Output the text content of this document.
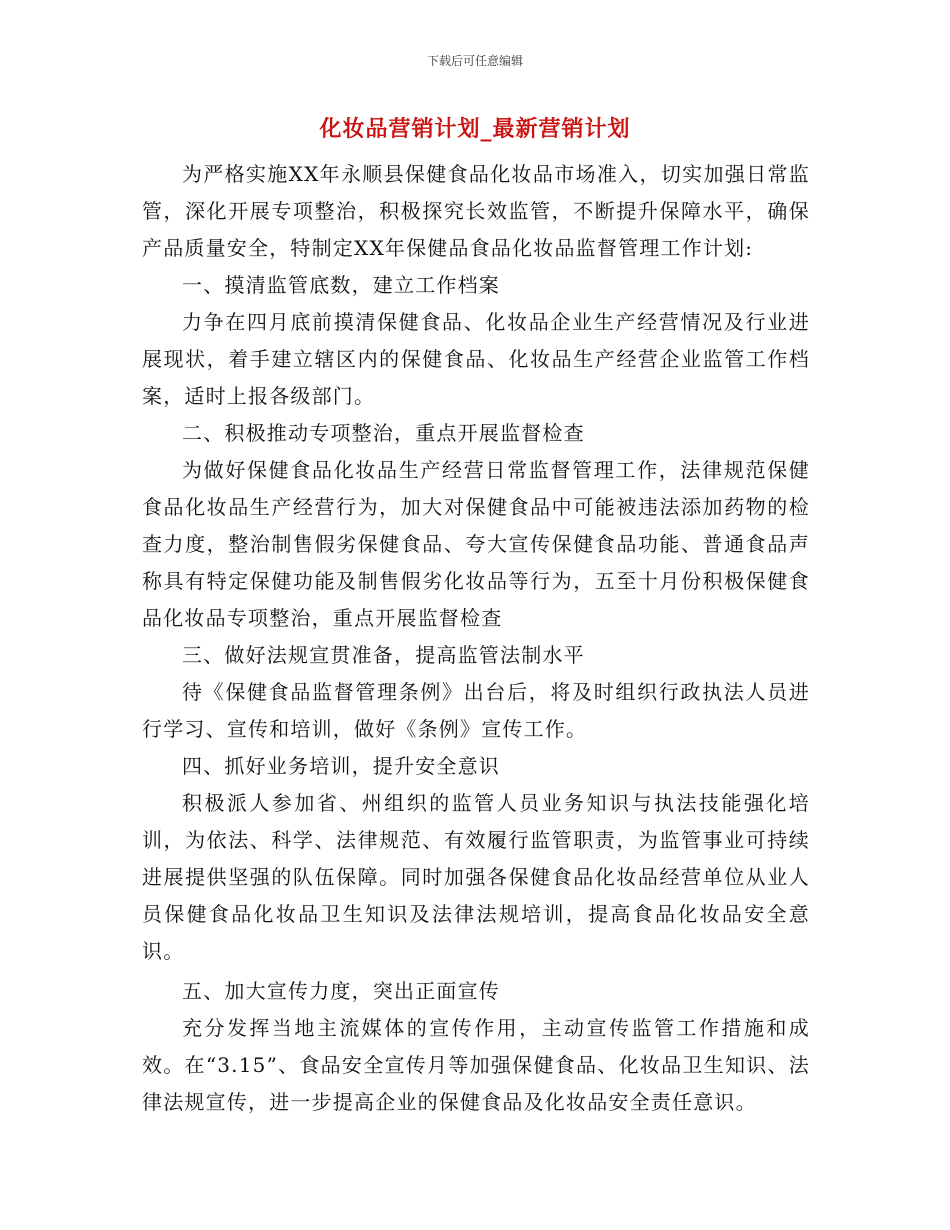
下载后可任意编辑
化妆品营销计划_最新营销计划

为严格实施XX年永顺县保健食品化妆品市场准入，切实加强日常监管，深化开展专项整治，积极探究长效监管，不断提升保障水平，确保产品质量安全，特制定XX年保健品食品化妆品监督管理工作计划:

一、摸清监管底数，建立工作档案

力争在四月底前摸清保健食品、化妆品企业生产经营情况及行业进展现状，着手建立辖区内的保健食品、化妆品生产经营企业监管工作档案，适时上报各级部门。

二、积极推动专项整治，重点开展监督检查

为做好保健食品化妆品生产经营日常监督管理工作，法律规范保健食品化妆品生产经营行为，加大对保健食品中可能被违法添加药物的检查力度，整治制售假劣保健食品、夸大宣传保健食品功能、普通食品声称具有特定保健功能及制售假劣化妆品等行为，五至十月份积极保健食品化妆品专项整治，重点开展监督检查

三、做好法规宣贯准备，提高监管法制水平

待《保健食品监督管理条例》出台后，将及时组织行政执法人员进行学习、宣传和培训，做好《条例》宣传工作。

四、抓好业务培训，提升安全意识

积极派人参加省、州组织的监管人员业务知识与执法技能强化培训，为依法、科学、法律规范、有效履行监管职责，为监管事业可持续进展提供坚强的队伍保障。同时加强各保健食品化妆品经营单位从业人员保健食品化妆品卫生知识及法律法规培训，提高食品化妆品安全意识。

五、加大宣传力度，突出正面宣传

充分发挥当地主流媒体的宣传作用，主动宣传监管工作措施和成效。在“3.15”、食品安全宣传月等加强保健食品、化妆品卫生知识、法律法规宣传，进一步提高企业的保健食品及化妆品安全责任意识。
